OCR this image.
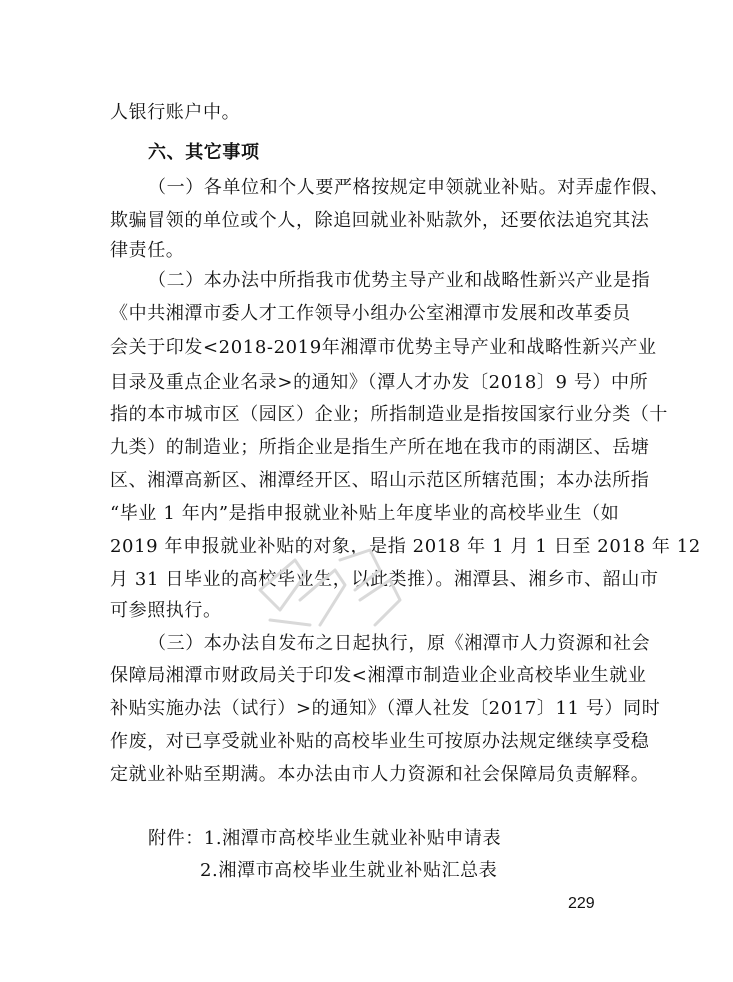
人银行账户中。
六、其它事项
（一）各单位和个人要严格按规定申领就业补贴。对弄虚作假、
欺骗冒领的单位或个人，除追回就业补贴款外，还要依法追究其法
律责任。
（二）本办法中所指我市优势主导产业和战略性新兴产业是指
《中共湘潭市委人才工作领导小组办公室湘潭市发展和改革委员
会关于印发<2018-2019年湘潭市优势主导产业和战略性新兴产业
目录及重点企业名录>的通知》（潭人才办发〔2018〕9 号）中所
指的本市城市区（园区）企业；所指制造业是指按国家行业分类（十
九类）的制造业；所指企业是指生产所在地在我市的雨湖区、岳塘
区、湘潭高新区、湘潭经开区、昭山示范区所辖范围；本办法所指
“毕业 1 年内”是指申报就业补贴上年度毕业的高校毕业生（如
2019 年申报就业补贴的对象，是指 2018 年 1 月 1 日至 2018 年 12
月 31 日毕业的高校毕业生，以此类推）。湘潭县、湘乡市、韶山市
可参照执行。
（三）本办法自发布之日起执行，原《湘潭市人力资源和社会
保障局湘潭市财政局关于印发<湘潭市制造业企业高校毕业生就业
补贴实施办法（试行）>的通知》（潭人社发〔2017〕11 号）同时
作废，对已享受就业补贴的高校毕业生可按原办法规定继续享受稳
定就业补贴至期满。本办法由市人力资源和社会保障局负责解释。
附件：1.湘潭市高校毕业生就业补贴申请表
2.湘潭市高校毕业生就业补贴汇总表
229
